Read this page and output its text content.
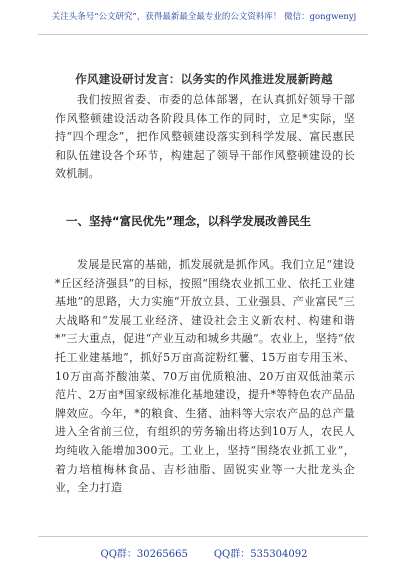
关注头条号“公文研究”，获得最新最全最专业的公文资料库！ 微信：gongwenyj
作风建设研讨发言：以务实的作风推进发展新跨越

我们按照省委、市委的总体部署，在认真抓好领导干部作风整顿建设活动各阶段具体工作的同时，立足*实际，坚持“四个理念”，把作风整顿建设落实到科学发展、富民惠民和队伍建设各个环节，构建起了领导干部作风整顿建设的长效机制。

一、坚持“富民优先”理念，以科学发展改善民生

发展是民富的基础，抓发展就是抓作风。我们立足“建设*丘区经济强县”的目标，按照“围绕农业抓工业、依托工业建基地”的思路，大力实施“开放立县、工业强县、产业富民”三大战略和“发展工业经济、建设社会主义新农村、构建和谐*”三大重点，促进“产业互动和城乡共融”。农业上，坚持“依托工业建基地”，抓好5万亩高淀粉红薯、15万亩专用玉米、10万亩高芥酸油菜、70万亩优质粮油、20万亩双低油菜示范片、2万亩*国家级标准化基地建设，提升*等特色农产品品牌效应。今年，*的粮食、生猪、油料等大宗农产品的总产量进入全省前三位，有组织的劳务输出将达到10万人，农民人均纯收入能增加300元。工业上，坚持“围绕农业抓工业”，着力培植梅林食品、吉杉油脂、固锐实业等一大批龙头企业，全力打造

QQ群：30265665	QQ群：535304092
